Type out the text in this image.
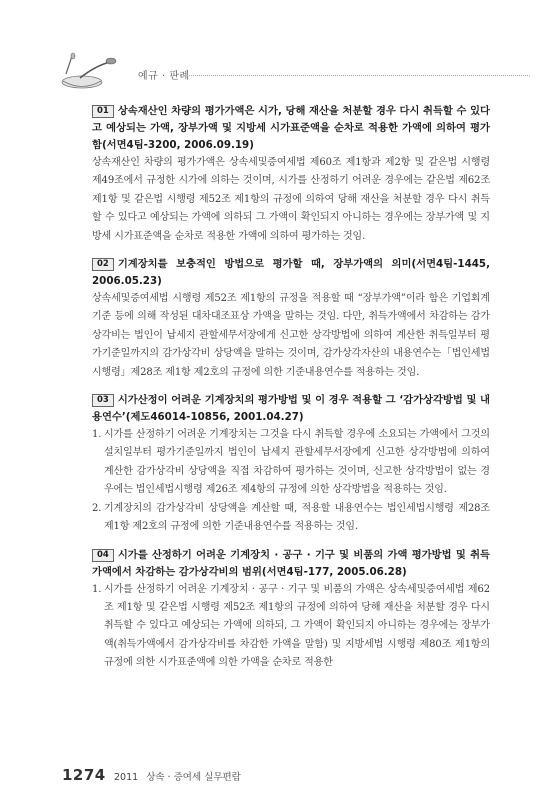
예규 · 판례
01 상속재산인 차량의 평가가액은 시가, 당해 재산을 처분할 경우 다시 취득할 수 있다고 예상되는 가액, 장부가액 및 지방세 시가표준액을 순차로 적용한 가액에 의하여 평가함(서면4팀-3200, 2006.09.19)
상속재산인 차량의 평가가액은 상속세및증여세법 제60조 제1항과 제2항 및 같은법 시행령 제49조에서 규정한 시가에 의하는 것이며, 시가를 산정하기 어려운 경우에는 같은법 제62조 제1항 및 같은법 시행령 제52조 제1항의 규정에 의하여 당해 재산을 처분할 경우 다시 취득할 수 있다고 예상되는 가액에 의하되 그 가액이 확인되지 아니하는 경우에는 장부가액 및 지방세 시가표준액을 순차로 적용한 가액에 의하여 평가하는 것임.
02 기계장치를 보충적인 방법으로 평가할 때, 장부가액의 의미(서면4팀-1445, 2006.05.23)
상속세및증여세법 시행령 제52조 제1항의 규정을 적용할 때 “장부가액”이라 함은 기업회계기준 등에 의해 작성된 대차대조표상 가액을 말하는 것임. 다만, 취득가액에서 차감하는 감가상각비는 법인이 납세지 관할세무서장에게 신고한 상각방법에 의하여 계산한 취득일부터 평가기준일까지의 감가상각비 상당액을 말하는 것이며, 감가상각자산의 내용연수는「법인세법 시행령」제28조 제1항 제2호의 규정에 의한 기준내용연수를 적용하는 것임.
03 시가산정이 어려운 기계장치의 평가방법 및 이 경우 적용할 그 ‘감가상각방법 및 내용연수’(제도46014-10856, 2001.04.27)
1. 시가를 산정하기 어려운 기계장치는 그것을 다시 취득할 경우에 소요되는 가액에서 그것의 설치일부터 평가기준일까지 법인이 납세지 관할세무서장에게 신고한 상각방법에 의하여 계산한 감가상각비 상당액을 직접 차감하여 평가하는 것이며, 신고한 상각방법이 없는 경우에는 법인세법시행령 제26조 제4항의 규정에 의한 상각방법을 적용하는 것임.
2. 기계장치의 감가상각비 상당액을 계산할 때, 적용할 내용연수는 법인세법시행령 제28조 제1항 제2호의 규정에 의한 기준내용연수를 적용하는 것임.
04 시가를 산정하기 어려운 기계장치 · 공구 · 기구 및 비품의 가액 평가방법 및 취득가액에서 차감하는 감가상각비의 범위(서면4팀-177, 2005.06.28)
1. 시가를 산정하기 어려운 기계장치 · 공구 · 기구 및 비품의 가액은 상속세및증여세법 제62조 제1항 및 같은법 시행령 제52조 제1항의 규정에 의하여 당해 재산을 처분할 경우 다시 취득할 수 있다고 예상되는 가액에 의하되, 그 가액이 확인되지 아니하는 경우에는 장부가액(취득가액에서 감가상각비를 차감한 가액을 말함) 및 지방세법 시행령 제80조 제1항의 규정에 의한 시가표준액에 의한 가액을 순차로 적용한
1274 2011 상속 · 증여세 실무편람
